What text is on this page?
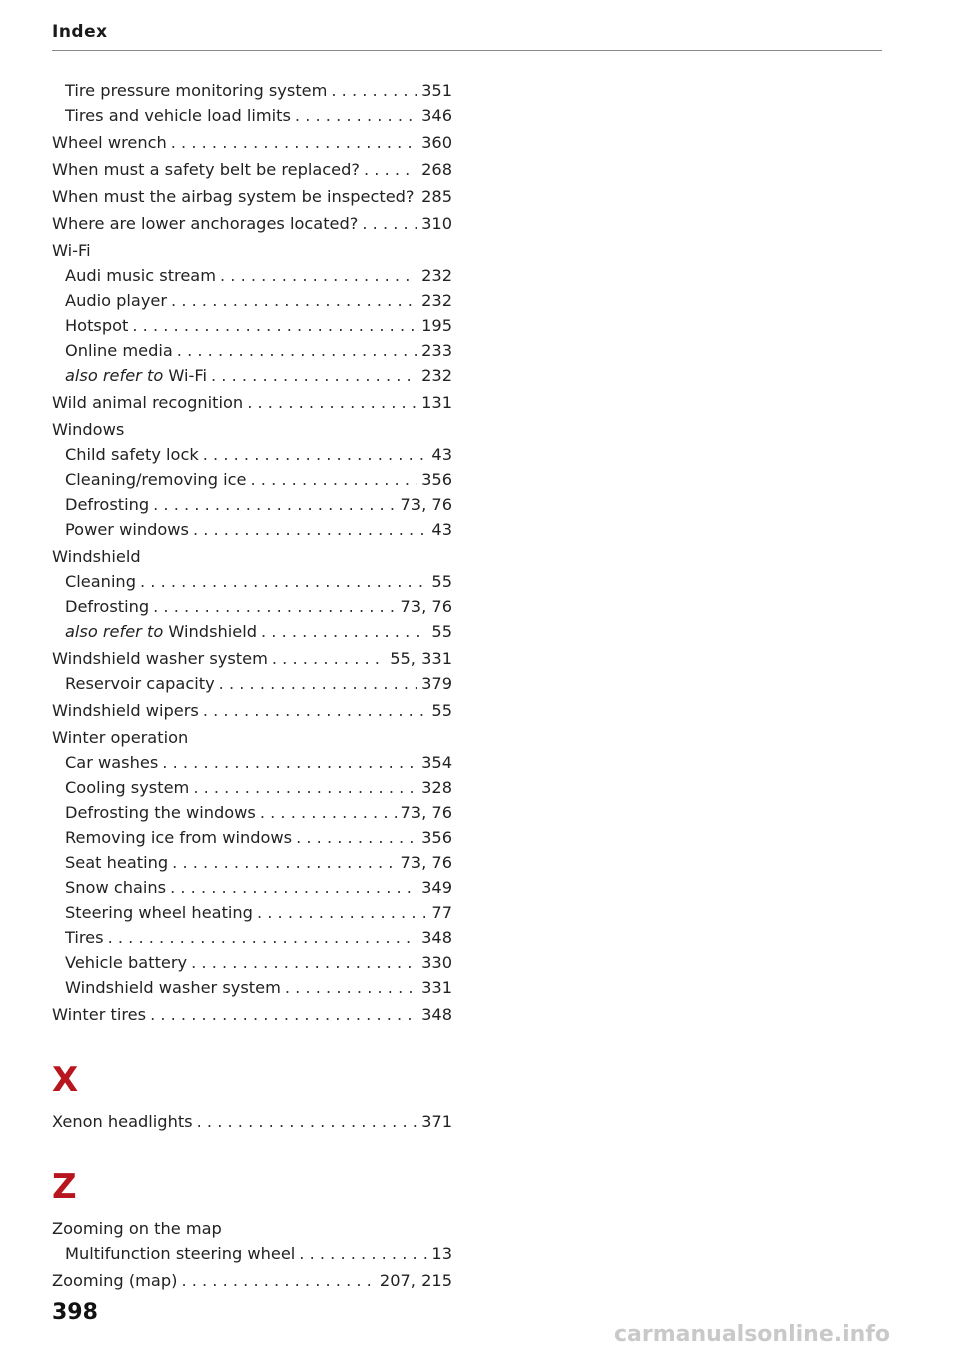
Index
Tire pressure monitoring system . . .	351
Tires and vehicle load limits . . .	346
Wheel wrench . . .	360
When must a safety belt be replaced? . . .	268
When must the airbag system be inspected? 285
Where are lower anchorages located? . . .	310
Wi-Fi
Audi music stream . . .	232
Audio player . . .	232
Hotspot . . .	195
Online media . . .	233
also refer to Wi-Fi . . .	232
Wild animal recognition . . .	131
Windows
Child safety lock . . .	43
Cleaning/removing ice . . .	356
Defrosting . . .	73, 76
Power windows . . .	43
Windshield
Cleaning . . .	55
Defrosting . . .	73, 76
also refer to Windshield . . .	55
Windshield washer system . . .	55, 331
Reservoir capacity . . .	379
Windshield wipers . . .	55
Winter operation
Car washes . . .	354
Cooling system . . .	328
Defrosting the windows . . .	73, 76
Removing ice from windows . . .	356
Seat heating . . .	73, 76
Snow chains . . .	349
Steering wheel heating . . .	77
Tires . . .	348
Vehicle battery . . .	330
Windshield washer system . . .	331
Winter tires . . .	348
X
Xenon headlights . . .	371
Z
Zooming on the map
Multifunction steering wheel . . .	13
Zooming (map) . . .	207, 215
398
carmanualsonline.info
